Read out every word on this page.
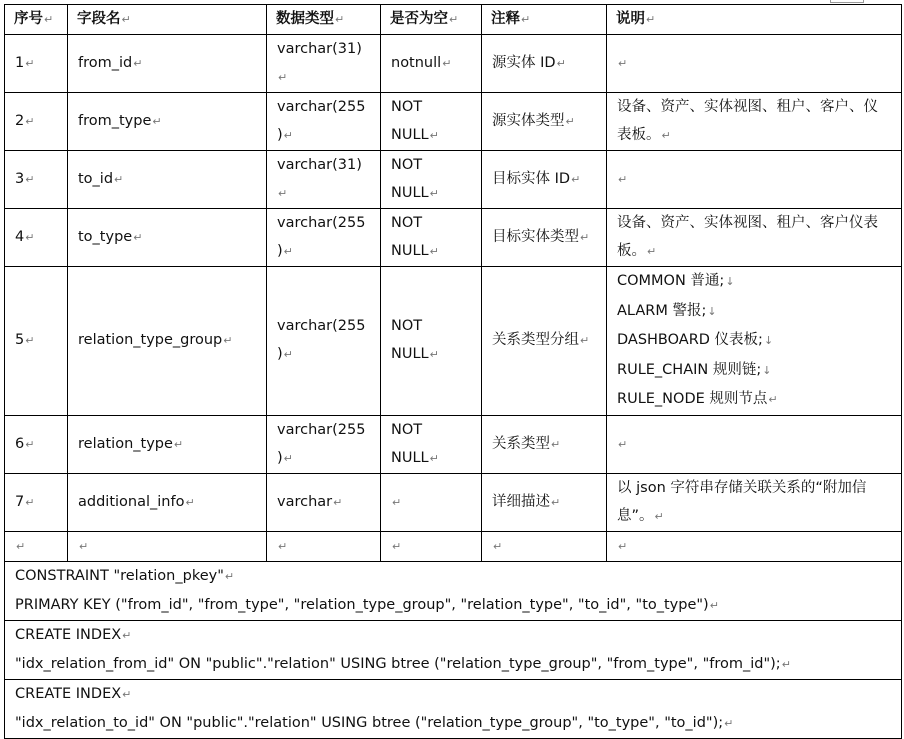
序号↵	字段名↵	数据类型↵	是否为空↵	注释↵	说明↵
1↵	from_id↵	varchar(31)↵	notnull↵	源实体 ID↵	↵
2↵	from_type↵	varchar(255)↵	NOT NULL↵	源实体类型↵	设备、资产、实体视图、租户、客户、仪表板。↵
3↵	to_id↵	varchar(31)↵	NOT NULL↵	目标实体 ID↵	↵
4↵	to_type↵	varchar(255)↵	NOT NULL↵	目标实体类型↵	设备、资产、实体视图、租户、客户仪表板。↵
5↵	relation_type_group↵	varchar(255)↵	NOT NULL↵	关系类型分组↵	COMMON 普通;↓
ALARM 警报;↓
DASHBOARD 仪表板;↓
RULE_CHAIN 规则链;↓
RULE_NODE 规则节点↵

6↵	relation_type↵	varchar(255)↵	NOT NULL↵	关系类型↵	↵
7↵	additional_info↵	varchar↵	↵	详细描述↵	以 json 字符串存储关联关系的“附加信息”。↵
↵	↵	↵	↵	↵	↵

CONSTRAINT "relation_pkey"↵
PRIMARY KEY ("from_id", "from_type", "relation_type_group", "relation_type", "to_id", "to_type")↵					

CREATE INDEX↵
"idx_relation_from_id" ON "public"."relation" USING btree ("relation_type_group", "from_type", "from_id");↵					

CREATE INDEX↵
"idx_relation_to_id" ON "public"."relation" USING btree ("relation_type_group", "to_type", "to_id");↵					
